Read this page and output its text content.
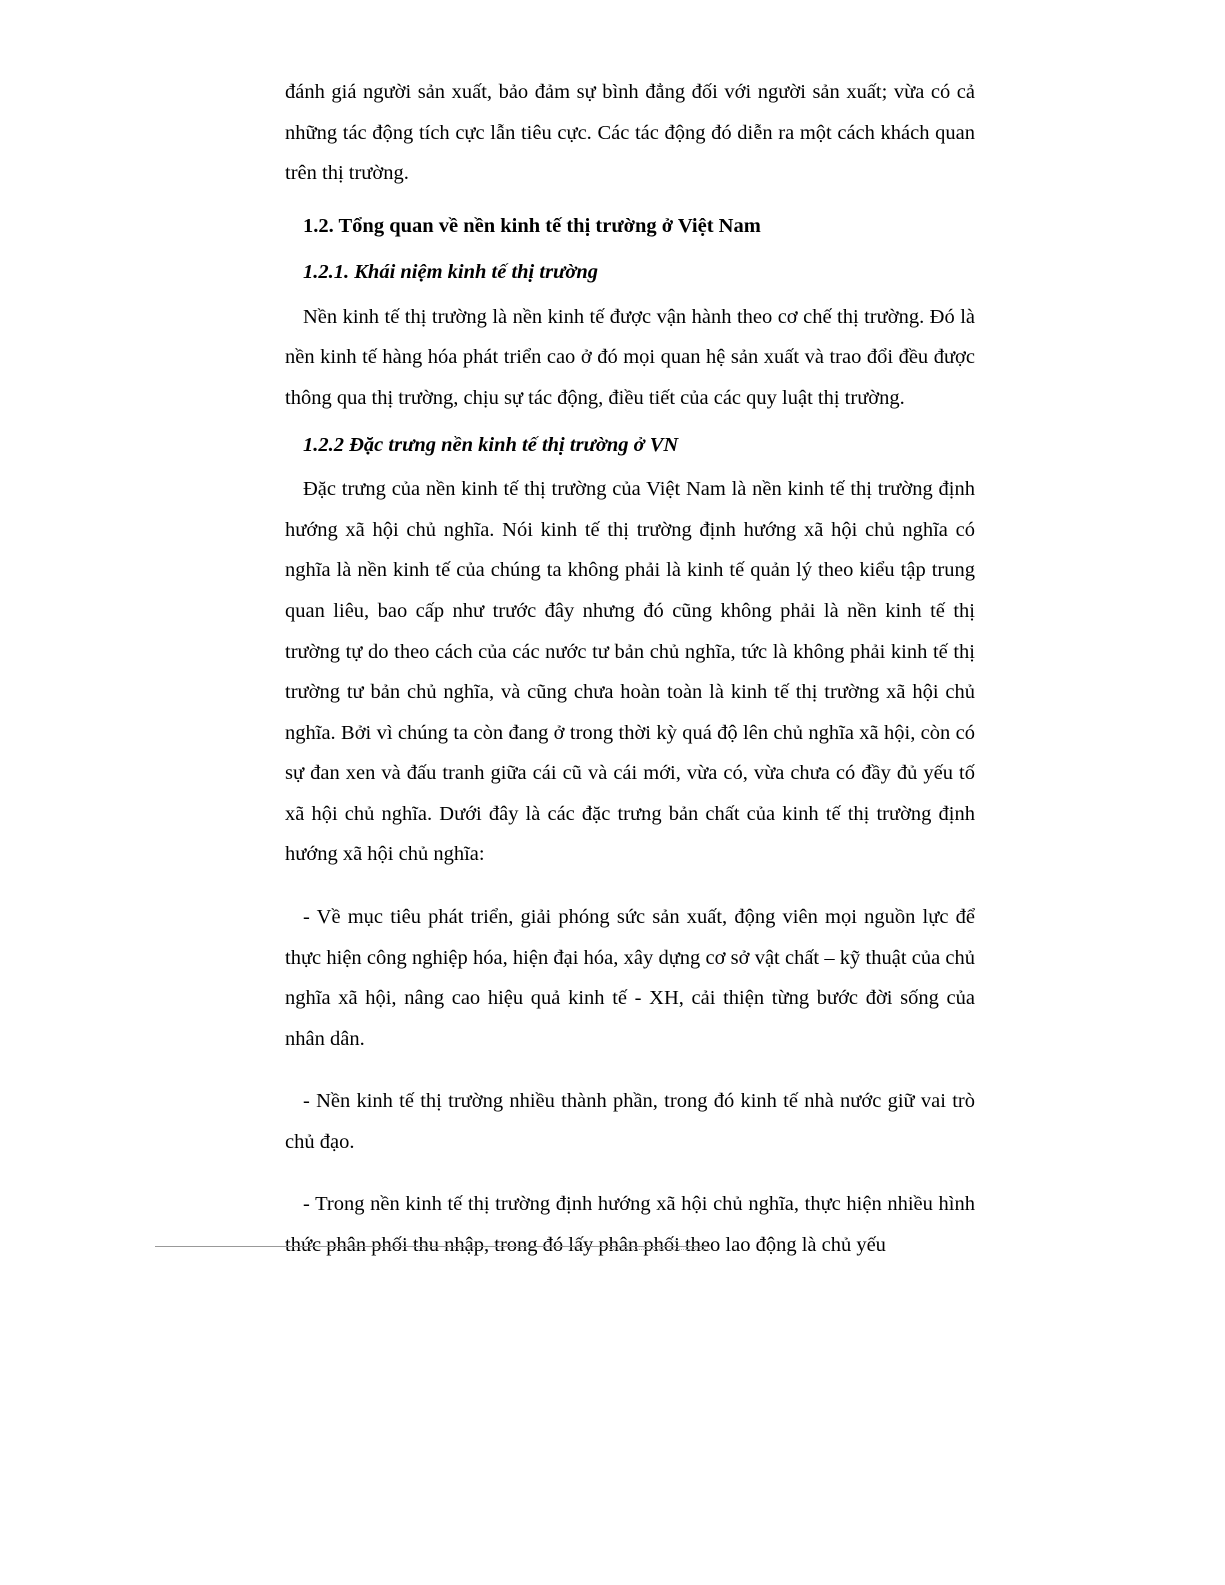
đánh giá người sản xuất, bảo đảm sự bình đẳng đối với người sản xuất; vừa có cả những tác động tích cực lẫn tiêu cực. Các tác động đó diễn ra một cách khách quan trên thị trường.

1.2. Tổng quan về nền kinh tế thị trường ở Việt Nam

1.2.1. Khái niệm kinh tế thị trường

Nền kinh tế thị trường là nền kinh tế được vận hành theo cơ chế thị trường. Đó là nền kinh tế hàng hóa phát triển cao ở đó mọi quan hệ sản xuất và trao đổi đều được thông qua thị trường, chịu sự tác động, điều tiết của các quy luật thị trường.

1.2.2 Đặc trưng nền kinh tế thị trường ở VN

Đặc trưng của nền kinh tế thị trường của Việt Nam là nền kinh tế thị trường định hướng xã hội chủ nghĩa. Nói kinh tế thị trường định hướng xã hội chủ nghĩa có nghĩa là nền kinh tế của chúng ta không phải là kinh tế quản lý theo kiểu tập trung quan liêu, bao cấp như trước đây nhưng đó cũng không phải là nền kinh tế thị trường tự do theo cách của các nước tư bản chủ nghĩa, tức là không phải kinh tế thị trường tư bản chủ nghĩa, và cũng chưa hoàn toàn là kinh tế thị trường xã hội chủ nghĩa. Bởi vì chúng ta còn đang ở trong thời kỳ quá độ lên chủ nghĩa xã hội, còn có sự đan xen và đấu tranh giữa cái cũ và cái mới, vừa có, vừa chưa có đầy đủ yếu tố xã hội chủ nghĩa. Dưới đây là các đặc trưng bản chất của kinh tế thị trường định hướng xã hội chủ nghĩa:

- Về mục tiêu phát triển, giải phóng sức sản xuất, động viên mọi nguồn lực để thực hiện công nghiệp hóa, hiện đại hóa, xây dựng cơ sở vật chất – kỹ thuật của chủ nghĩa xã hội, nâng cao hiệu quả kinh tế - XH, cải thiện từng bước đời sống của nhân dân.

- Nền kinh tế thị trường nhiều thành phần, trong đó kinh tế nhà nước giữ vai trò chủ đạo.

- Trong nền kinh tế thị trường định hướng xã hội chủ nghĩa, thực hiện nhiều hình thức phân phối thu nhập, trong đó lấy phân phối theo lao động là chủ yếu
